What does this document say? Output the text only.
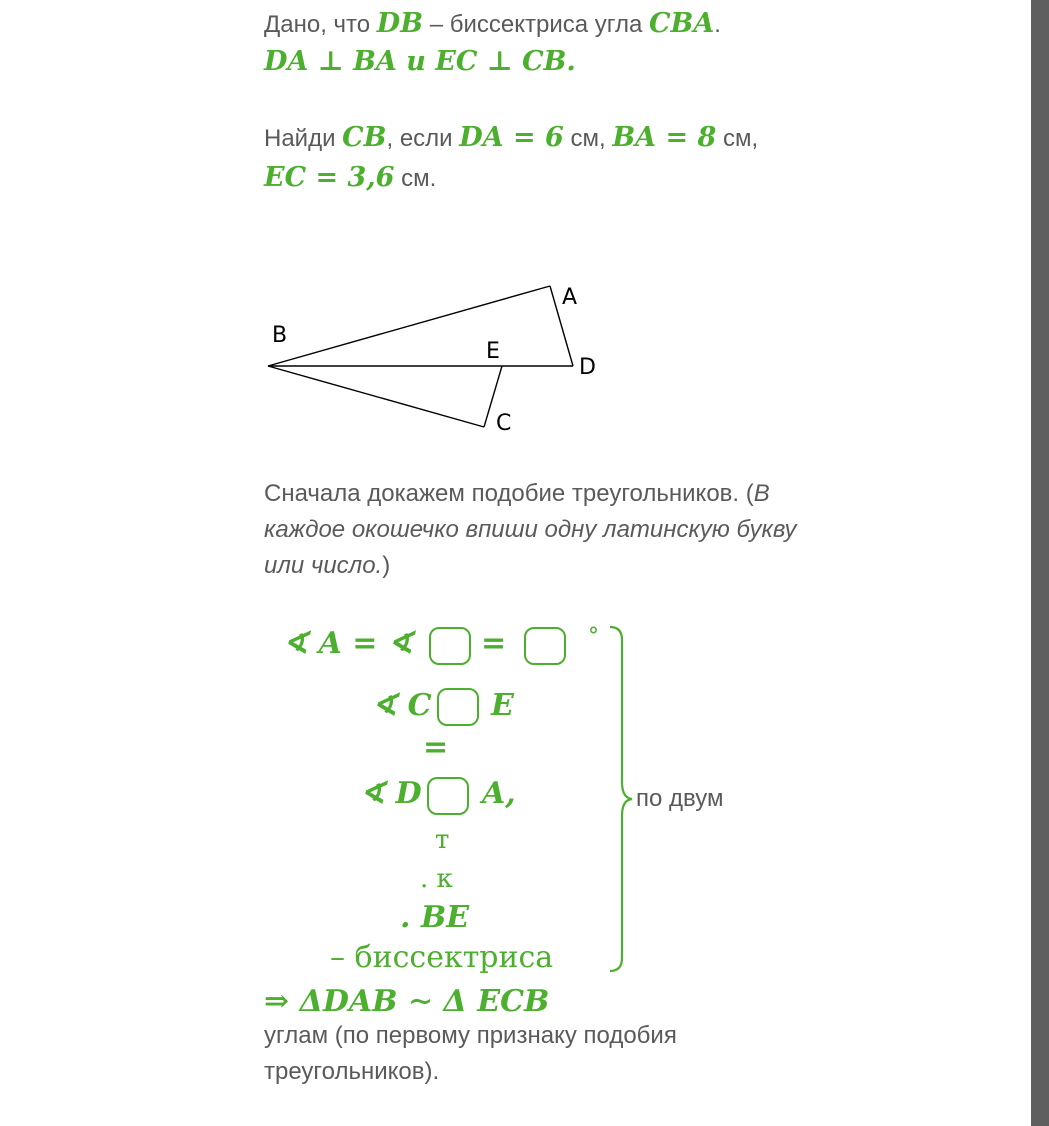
Дано, что DB – биссектриса угла CBA.
DA ⊥ BA и EC ⊥ CB.
Найди CB, если DA = 6 см, BA = 8 см,
EC = 3,6 см.
A
B
C
D
E
Сначала докажем подобие треугольников. (В каждое окошечко впиши одну латинскую букву или число.)
∢ A = ∢ =	°
∢ C E
=
∢ D A,
т
. к
. BE
– биссектриса
по двум
⇒ ΔDAB ∼ Δ ECB
углам (по первому признаку подобия треугольников).
